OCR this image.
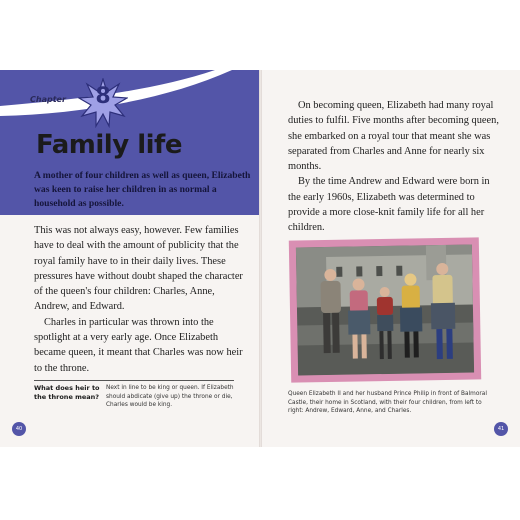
Chapter	8
Family life

A mother of four children as well as queen, Elizabeth was keen to raise her children in as normal a household as possible.

This was not always easy, however. Few families have to deal with the amount of publicity that the royal family have to in their daily lives. These pressures have without doubt shaped the character of the queen's four children: Charles, Anne, Andrew, and Edward.

Charles in particular was thrown into the spotlight at a very early age. Once Elizabeth became queen, it meant that Charles was now heir to the throne.

What does heir to the throne mean?
Next in line to be king or queen. If Elizabeth should abdicate (give up) the throne or die, Charles would be king.
40

On becoming queen, Elizabeth had many royal duties to fulfil. Five months after becoming queen, she embarked on a royal tour that meant she was separated from Charles and Anne for nearly six months.

By the time Andrew and Edward were born in the early 1960s, Elizabeth was determined to provide a more close-knit family life for all her children.

Queen Elizabeth II and her husband Prince Philip in front of Balmoral Castle, their home in Scotland, with their four children, from left to right: Andrew, Edward, Anne, and Charles.
41
